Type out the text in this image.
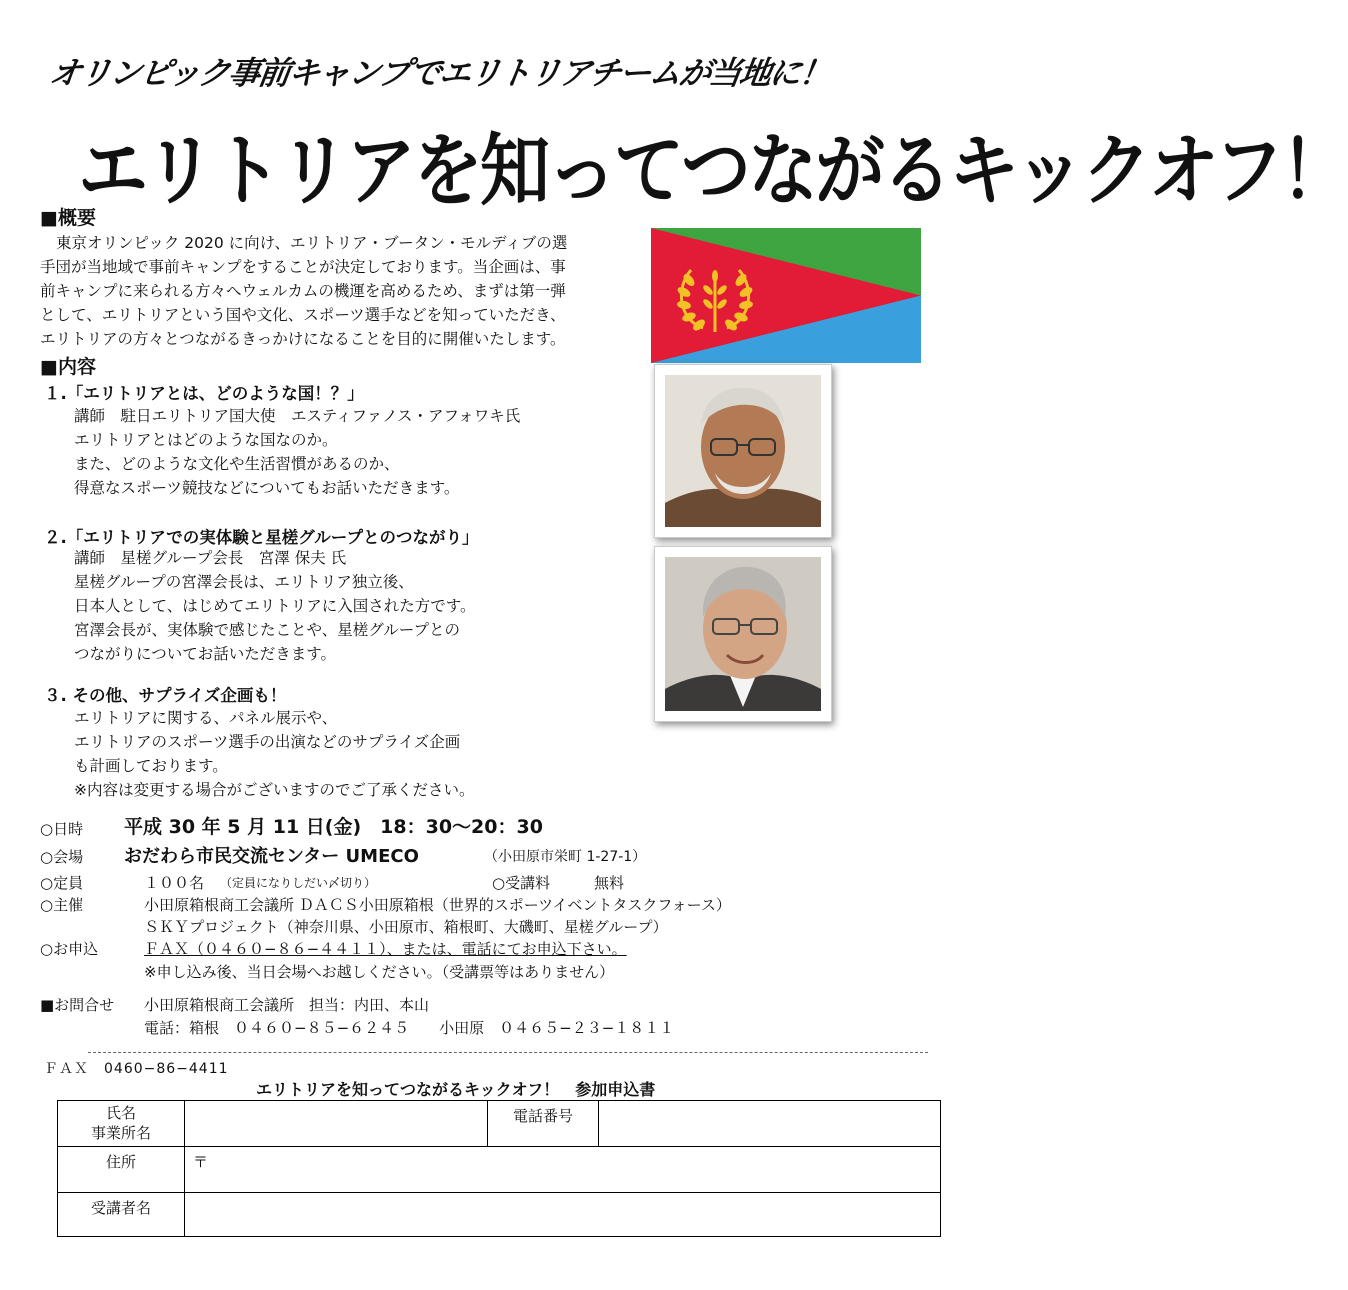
オリンピック事前キャンプでエリトリアチームが当地に！
エリトリアを知ってつながるキックオフ！
■概要
東京オリンピック 2020 に向け、エリトリア・ブータン・モルディブの選
手団が当地域で事前キャンプをすることが決定しております。当企画は、事
前キャンプに来られる方々へウェルカムの機運を高めるため、まずは第一弾
として、エリトリアという国や文化、スポーツ選手などを知っていただき、
エリトリアの方々とつながるきっかけになることを目的に開催いたします。
■内容
１.「エリトリアとは、どのような国！？」
講師　駐日エリトリア国大使　エスティファノス・アフォワキ氏
エリトリアとはどのような国なのか。
また、どのような文化や生活習慣があるのか、
得意なスポーツ競技などについてもお話いただきます。
２.「エリトリアでの実体験と星槎グループとのつながり」
講師　星槎グループ会長　宮澤 保夫 氏
星槎グループの宮澤会長は、エリトリア独立後、
日本人として、はじめてエリトリアに入国された方です。
宮澤会長が、実体験で感じたことや、星槎グループとの
つながりについてお話いただきます。
３. その他、サプライズ企画も！
エリトリアに関する、パネル展示や、
エリトリアのスポーツ選手の出演などのサプライズ企画
も計画しております。
※内容は変更する場合がございますのでご了承ください。
○日時 平成 30 年 5 月 11 日(金)　18：30～20：30
○会場 おだわら市民交流センター UMECO	（小田原市栄町 1-27-1）
○定員	１００名 （定員になりしだい〆切り）	○受講料	無料
○主催	小田原箱根商工会議所 ＤＡＣＳ小田原箱根（世界的スポーツイベントタスクフォース）
ＳＫＹプロジェクト（神奈川県、小田原市、箱根町、大磯町、星槎グループ）
○お申込	ＦＡＸ（０４６０−８６−４４１１）、または、電話にてお申込下さい。
※申し込み後、当日会場へお越しください。（受講票等はありません）
■お問合せ 小田原箱根商工会議所　担当：内田、本山
電話：箱根　０４６０−８５−６２４５　　小田原　０４６５−２３−１８１１
ＦＡＸ　0460−86−4411
エリトリアを知ってつながるキックオフ！　参加申込書
氏名
事業所名		電話番号	
住所	〒		
受講者名			
